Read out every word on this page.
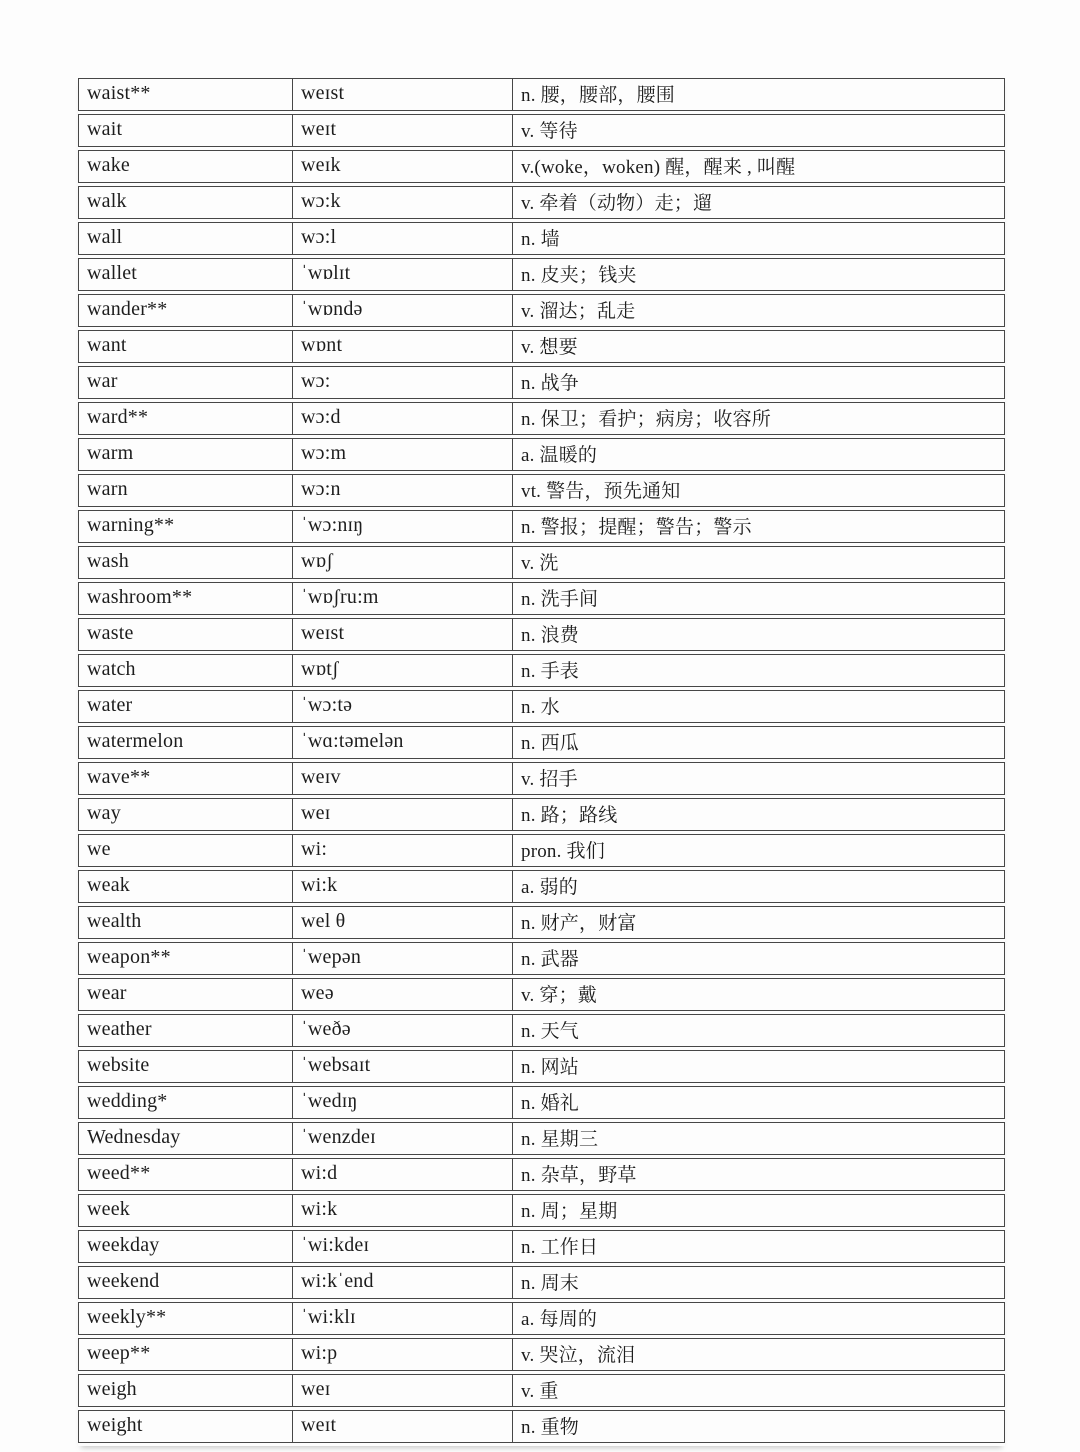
waist**	weɪst	n. 腰，腰部，腰围
wait	weɪt	v. 等待
wake	weɪk	v.(woke，woken) 醒，醒来 , 叫醒
walk	wɔ:k	v. 牵着（动物）走；遛
wall	wɔ:l	n. 墙
wallet	ˈwɒlɪt	n. 皮夹；钱夹
wander**	ˈwɒndə	v. 溜达；乱走
want	wɒnt	v. 想要
war	wɔ:	n. 战争
ward**	wɔ:d	n. 保卫；看护；病房；收容所
warm	wɔ:m	a. 温暖的
warn	wɔ:n	vt. 警告，预先通知
warning**	ˈwɔ:nɪŋ	n. 警报；提醒；警告；警示
wash	wɒʃ	v. 洗
washroom**	ˈwɒʃru:m	n. 洗手间
waste	weɪst	n. 浪费
watch	wɒtʃ	n. 手表
water	ˈwɔ:tə	n. 水
watermelon	ˈwɑ:təmelən	n. 西瓜
wave**	weɪv	v. 招手
way	weɪ	n. 路；路线
we	wi:	pron. 我们
weak	wi:k	a. 弱的
wealth	wel θ	n. 财产，财富
weapon**	ˈwepən	n. 武器
wear	weə	v. 穿；戴
weather	ˈweðə	n. 天气
website	ˈwebsaɪt	n. 网站
wedding*	ˈwedɪŋ	n. 婚礼
Wednesday	ˈwenzdeɪ	n. 星期三
weed**	wi:d	n. 杂草，野草
week	wi:k	n. 周；星期
weekday	ˈwi:kdeɪ	n. 工作日
weekend	wi:kˈend	n. 周末
weekly**	ˈwi:klɪ	a. 每周的
weep**	wi:p	v. 哭泣，流泪
weigh	weɪ	v. 重
weight	weɪt	n. 重物
